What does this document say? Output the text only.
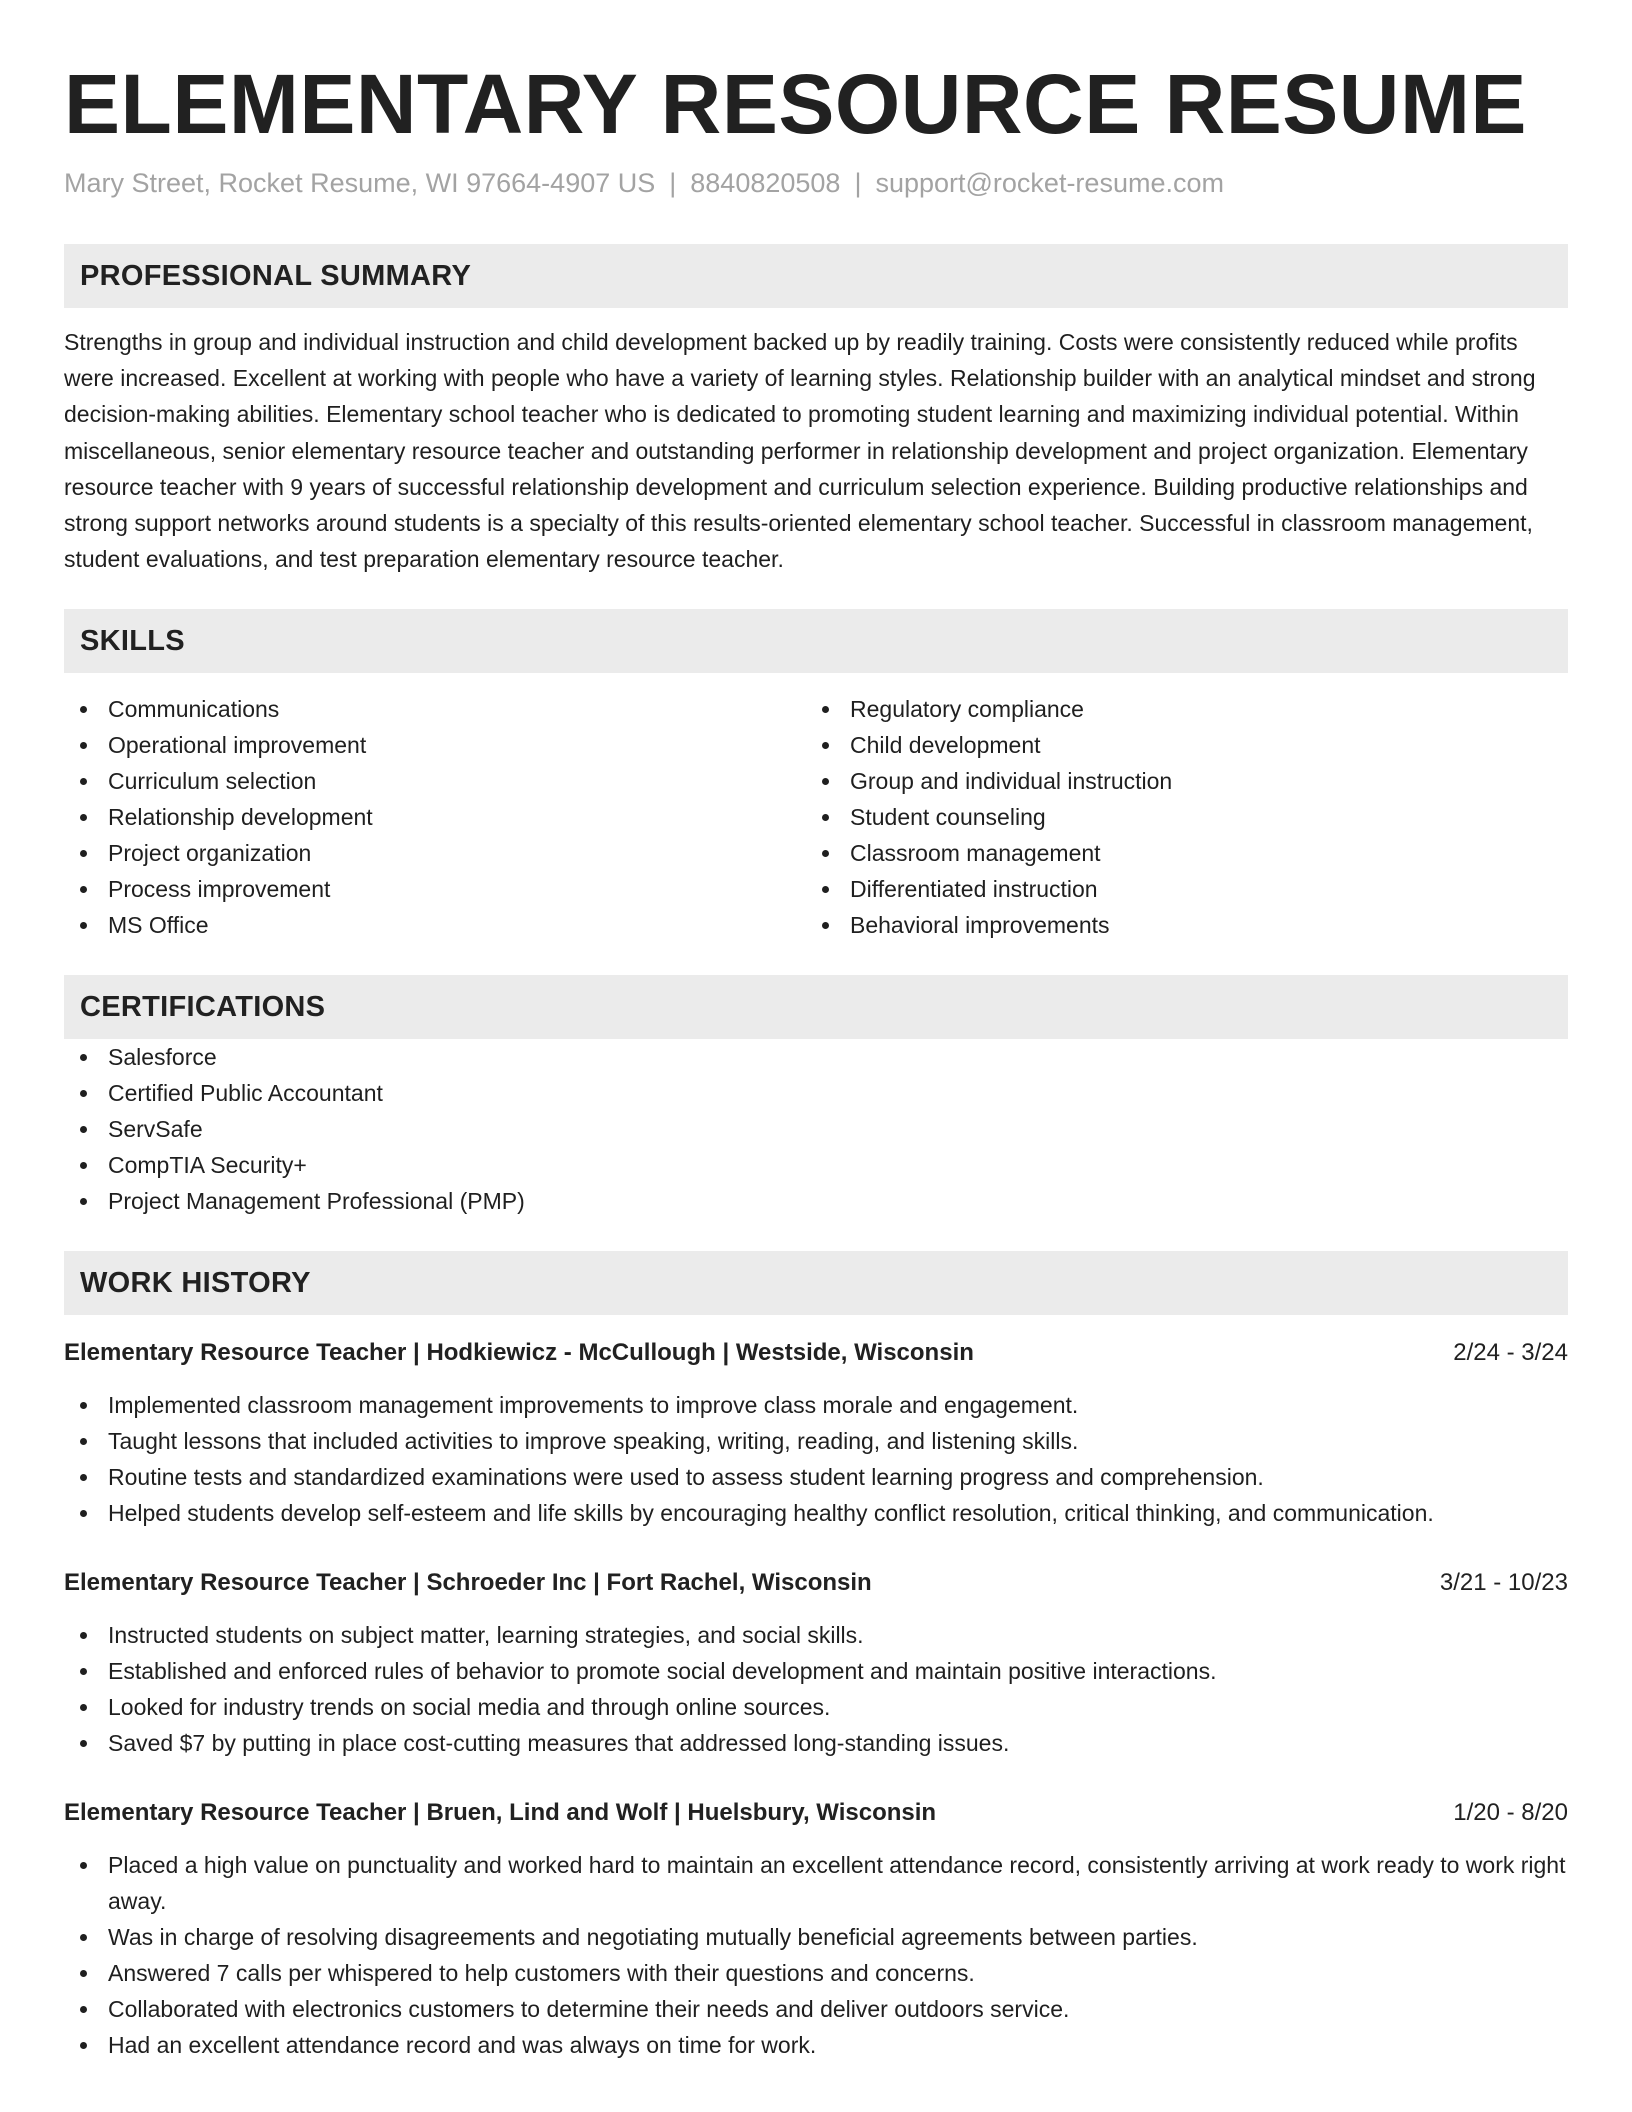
ELEMENTARY RESOURCE RESUME
Mary Street, Rocket Resume, WI 97664-4907 US | 8840820508 | support@rocket-resume.com
PROFESSIONAL SUMMARY
Strengths in group and individual instruction and child development backed up by readily training. Costs were consistently reduced while profits were increased. Excellent at working with people who have a variety of learning styles. Relationship builder with an analytical mindset and strong decision-making abilities. Elementary school teacher who is dedicated to promoting student learning and maximizing individual potential. Within miscellaneous, senior elementary resource teacher and outstanding performer in relationship development and project organization. Elementary resource teacher with 9 years of successful relationship development and curriculum selection experience. Building productive relationships and strong support networks around students is a specialty of this results-oriented elementary school teacher. Successful in classroom management, student evaluations, and test preparation elementary resource teacher.
SKILLS
Communications
Operational improvement
Curriculum selection
Relationship development
Project organization
Process improvement
MS Office
Regulatory compliance
Child development
Group and individual instruction
Student counseling
Classroom management
Differentiated instruction
Behavioral improvements
CERTIFICATIONS
Salesforce
Certified Public Accountant
ServSafe
CompTIA Security+
Project Management Professional (PMP)
WORK HISTORY
Elementary Resource Teacher | Hodkiewicz - McCullough | Westside, Wisconsin	2/24 - 3/24
Implemented classroom management improvements to improve class morale and engagement.
Taught lessons that included activities to improve speaking, writing, reading, and listening skills.
Routine tests and standardized examinations were used to assess student learning progress and comprehension.
Helped students develop self-esteem and life skills by encouraging healthy conflict resolution, critical thinking, and communication.
Elementary Resource Teacher | Schroeder Inc | Fort Rachel, Wisconsin	3/21 - 10/23
Instructed students on subject matter, learning strategies, and social skills.
Established and enforced rules of behavior to promote social development and maintain positive interactions.
Looked for industry trends on social media and through online sources.
Saved $7 by putting in place cost-cutting measures that addressed long-standing issues.
Elementary Resource Teacher | Bruen, Lind and Wolf | Huelsbury, Wisconsin	1/20 - 8/20
Placed a high value on punctuality and worked hard to maintain an excellent attendance record, consistently arriving at work ready to work right away.
Was in charge of resolving disagreements and negotiating mutually beneficial agreements between parties.
Answered 7 calls per whispered to help customers with their questions and concerns.
Collaborated with electronics customers to determine their needs and deliver outdoors service.
Had an excellent attendance record and was always on time for work.
